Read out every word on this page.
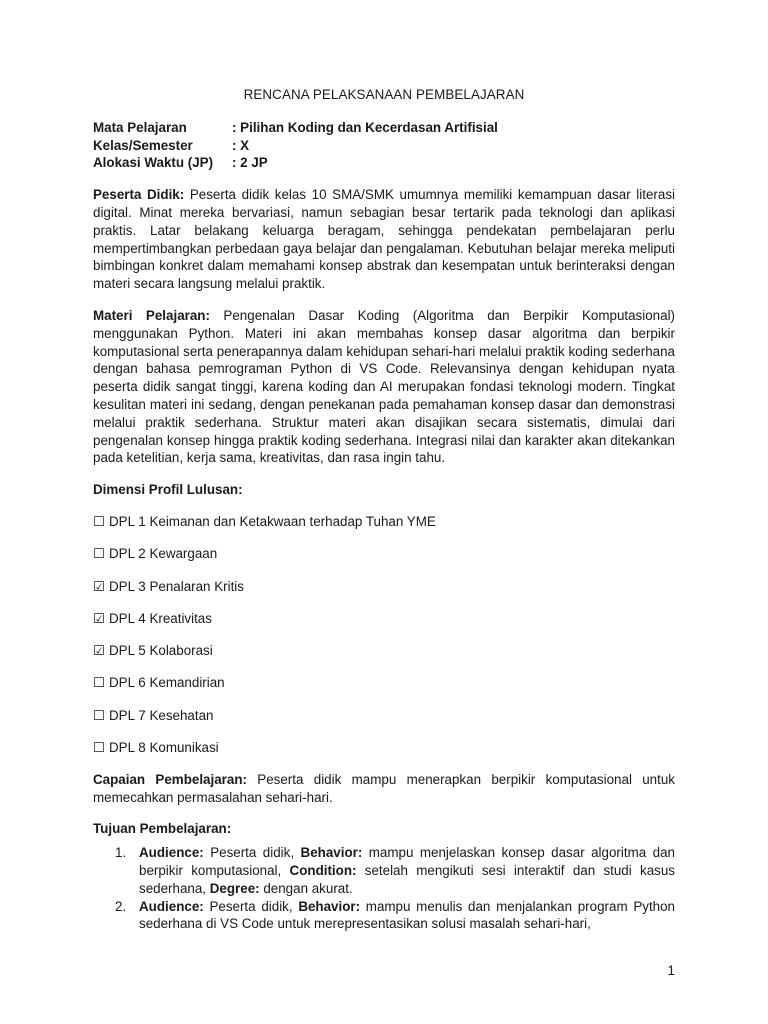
RENCANA PELAKSANAAN PEMBELAJARAN
Mata Pelajaran	: Pilihan Koding dan Kecerdasan Artifisial
Kelas/Semester	: X
Alokasi Waktu (JP)	: 2 JP
Peserta Didik: Peserta didik kelas 10 SMA/SMK umumnya memiliki kemampuan dasar literasi digital. Minat mereka bervariasi, namun sebagian besar tertarik pada teknologi dan aplikasi praktis. Latar belakang keluarga beragam, sehingga pendekatan pembelajaran perlu mempertimbangkan perbedaan gaya belajar dan pengalaman. Kebutuhan belajar mereka meliputi bimbingan konkret dalam memahami konsep abstrak dan kesempatan untuk berinteraksi dengan materi secara langsung melalui praktik.
Materi Pelajaran: Pengenalan Dasar Koding (Algoritma dan Berpikir Komputasional) menggunakan Python. Materi ini akan membahas konsep dasar algoritma dan berpikir komputasional serta penerapannya dalam kehidupan sehari-hari melalui praktik koding sederhana dengan bahasa pemrograman Python di VS Code. Relevansinya dengan kehidupan nyata peserta didik sangat tinggi, karena koding dan AI merupakan fondasi teknologi modern. Tingkat kesulitan materi ini sedang, dengan penekanan pada pemahaman konsep dasar dan demonstrasi melalui praktik sederhana. Struktur materi akan disajikan secara sistematis, dimulai dari pengenalan konsep hingga praktik koding sederhana. Integrasi nilai dan karakter akan ditekankan pada ketelitian, kerja sama, kreativitas, dan rasa ingin tahu.
Dimensi Profil Lulusan:
☐ DPL 1 Keimanan dan Ketakwaan terhadap Tuhan YME
☐ DPL 2 Kewargaan
☑ DPL 3 Penalaran Kritis
☑ DPL 4 Kreativitas
☑ DPL 5 Kolaborasi
☐ DPL 6 Kemandirian
☐ DPL 7 Kesehatan
☐ DPL 8 Komunikasi
Capaian Pembelajaran: Peserta didik mampu menerapkan berpikir komputasional untuk memecahkan permasalahan sehari-hari.
Tujuan Pembelajaran:
1. Audience: Peserta didik, Behavior: mampu menjelaskan konsep dasar algoritma dan berpikir komputasional, Condition: setelah mengikuti sesi interaktif dan studi kasus sederhana, Degree: dengan akurat.
2. Audience: Peserta didik, Behavior: mampu menulis dan menjalankan program Python sederhana di VS Code untuk merepresentasikan solusi masalah sehari-hari,
1
